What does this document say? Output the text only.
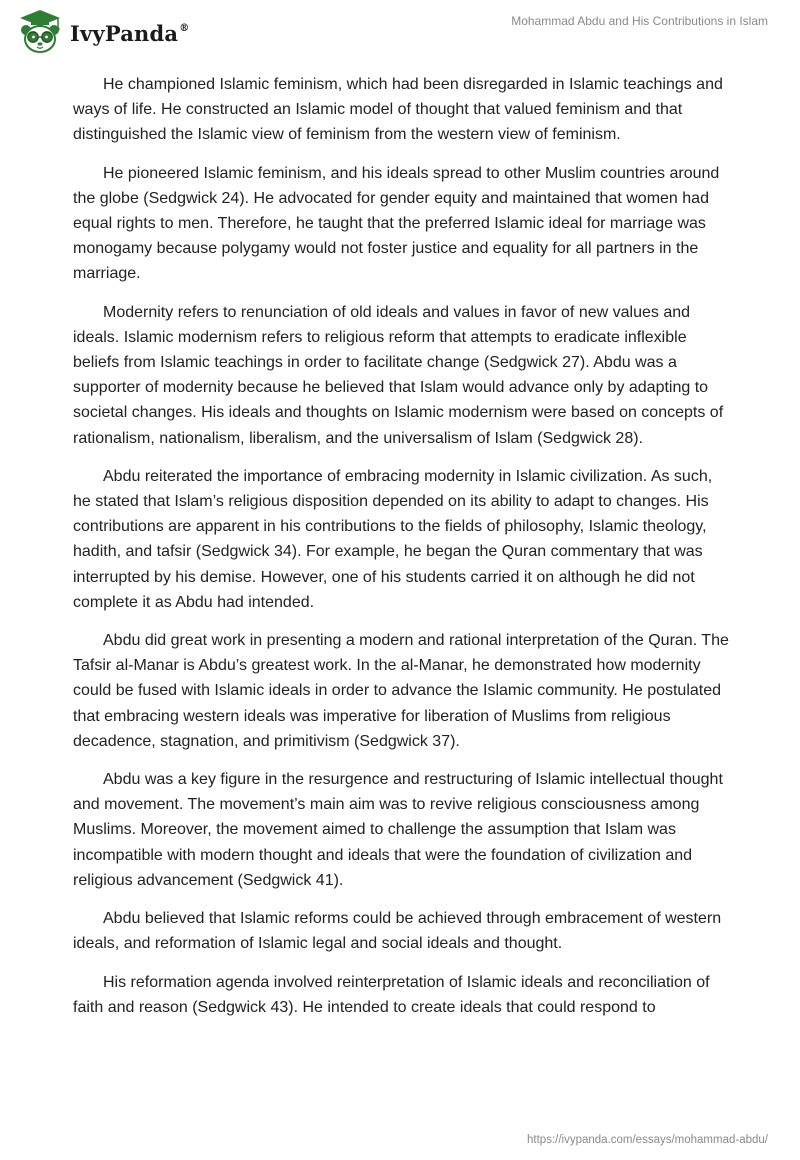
IvyPanda®	Mohammad Abdu and His Contributions in Islam

He championed Islamic feminism, which had been disregarded in Islamic teachings and ways of life. He constructed an Islamic model of thought that valued feminism and that distinguished the Islamic view of feminism from the western view of feminism.

He pioneered Islamic feminism, and his ideals spread to other Muslim countries around the globe (Sedgwick 24). He advocated for gender equity and maintained that women had equal rights to men. Therefore, he taught that the preferred Islamic ideal for marriage was monogamy because polygamy would not foster justice and equality for all partners in the marriage.

Modernity refers to renunciation of old ideals and values in favor of new values and ideals. Islamic modernism refers to religious reform that attempts to eradicate inflexible beliefs from Islamic teachings in order to facilitate change (Sedgwick 27). Abdu was a supporter of modernity because he believed that Islam would advance only by adapting to societal changes. His ideals and thoughts on Islamic modernism were based on concepts of rationalism, nationalism, liberalism, and the universalism of Islam (Sedgwick 28).

Abdu reiterated the importance of embracing modernity in Islamic civilization. As such, he stated that Islam’s religious disposition depended on its ability to adapt to changes. His contributions are apparent in his contributions to the fields of philosophy, Islamic theology, hadith, and tafsir (Sedgwick 34). For example, he began the Quran commentary that was interrupted by his demise. However, one of his students carried it on although he did not complete it as Abdu had intended.

Abdu did great work in presenting a modern and rational interpretation of the Quran. The Tafsir al-Manar is Abdu’s greatest work. In the al-Manar, he demonstrated how modernity could be fused with Islamic ideals in order to advance the Islamic community. He postulated that embracing western ideals was imperative for liberation of Muslims from religious decadence, stagnation, and primitivism (Sedgwick 37).

Abdu was a key figure in the resurgence and restructuring of Islamic intellectual thought and movement. The movement’s main aim was to revive religious consciousness among Muslims. Moreover, the movement aimed to challenge the assumption that Islam was incompatible with modern thought and ideals that were the foundation of civilization and religious advancement (Sedgwick 41).

Abdu believed that Islamic reforms could be achieved through embracement of western ideals, and reformation of Islamic legal and social ideals and thought.

His reformation agenda involved reinterpretation of Islamic ideals and reconciliation of faith and reason (Sedgwick 43). He intended to create ideals that could respond to

https://ivypanda.com/essays/mohammad-abdu/
